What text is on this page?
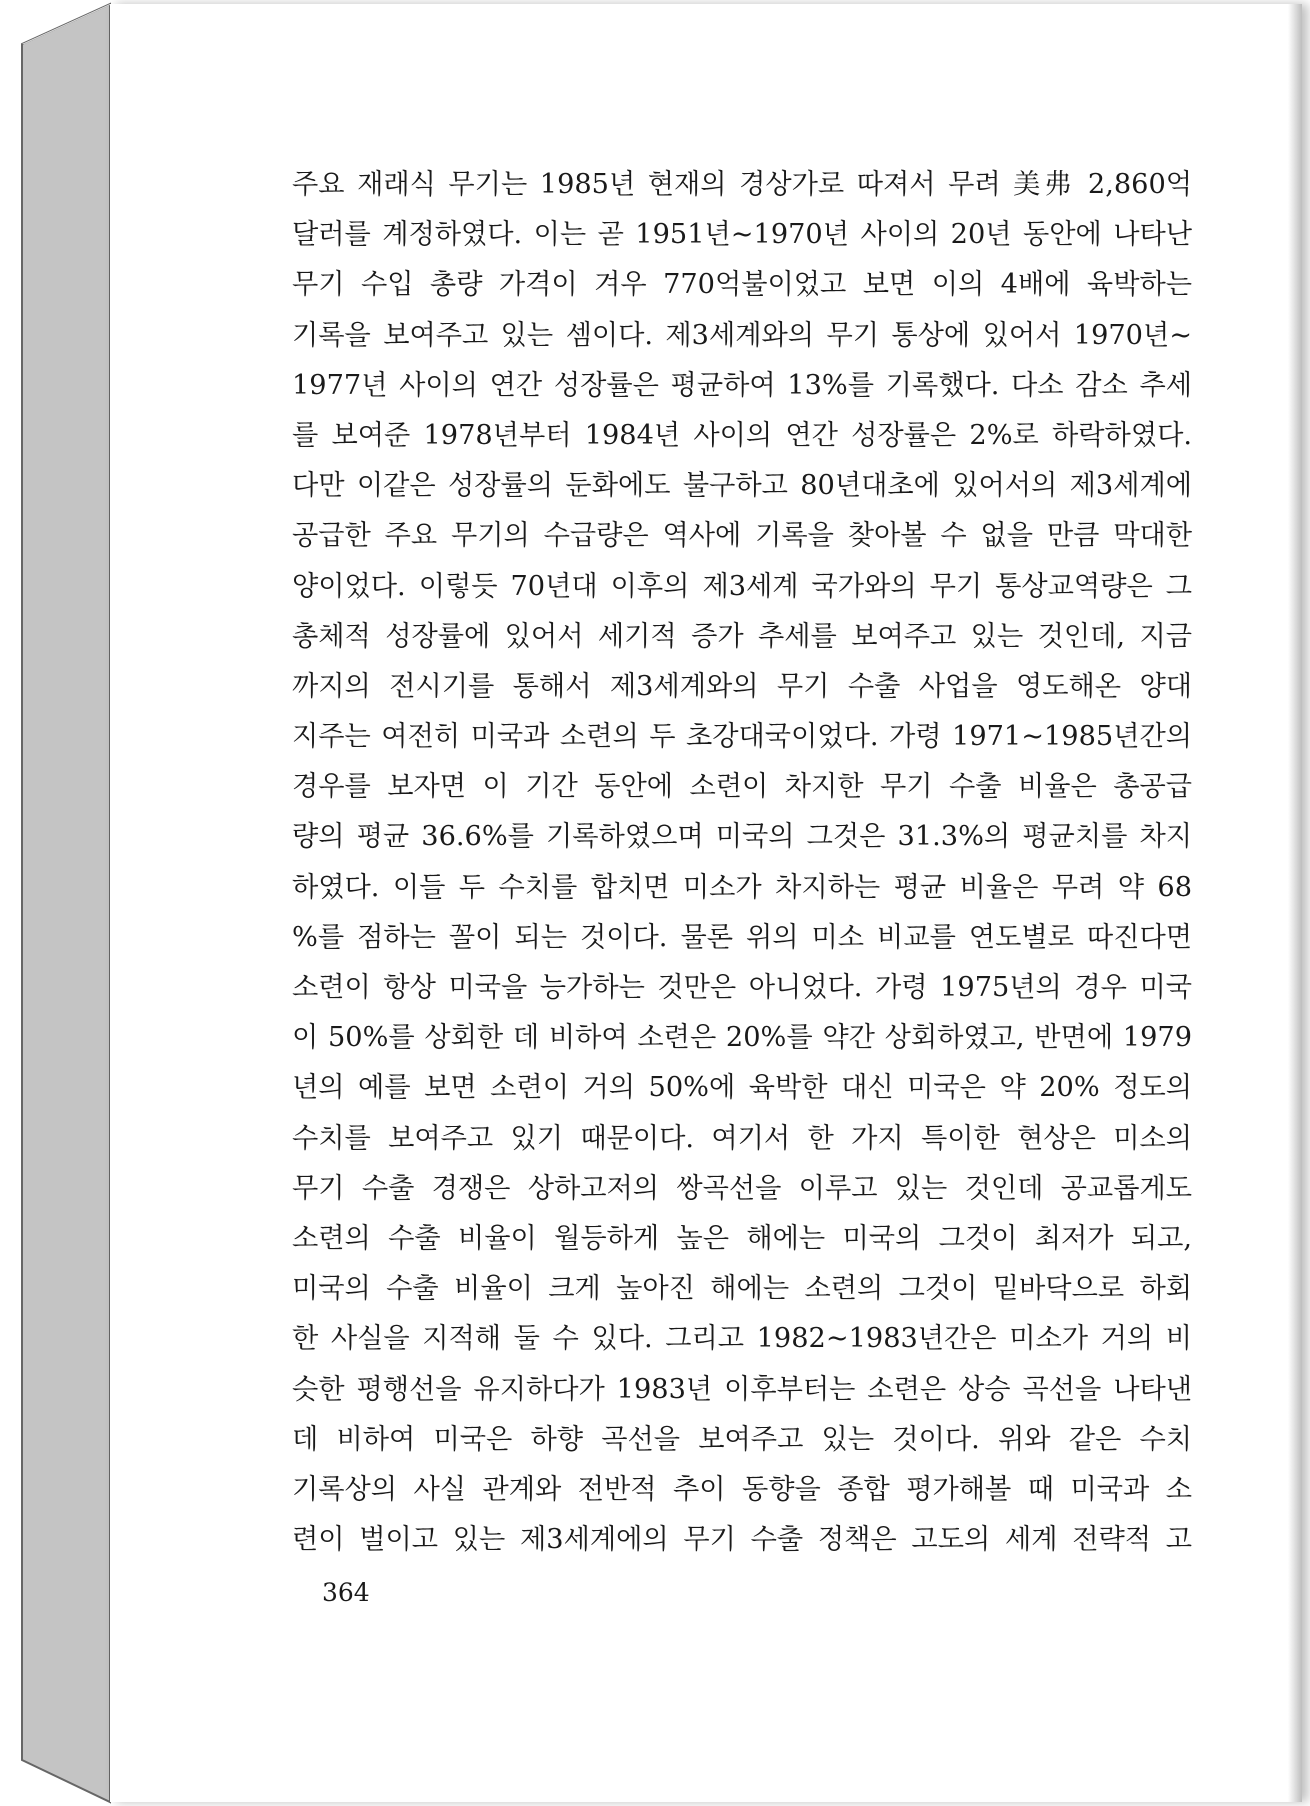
주요 재래식 무기는 1985년 현재의 경상가로 따져서 무려 美弗 2,860억
달러를 계정하였다. 이는 곧 1951년∼1970년 사이의 20년 동안에 나타난
무기 수입 총량 가격이 겨우 770억불이었고 보면 이의 4배에 육박하는
기록을 보여주고 있는 셈이다. 제3세계와의 무기 통상에 있어서 1970년∼
1977년 사이의 연간 성장률은 평균하여 13%를 기록했다. 다소 감소 추세
를 보여준 1978년부터 1984년 사이의 연간 성장률은 2%로 하락하였다.
다만 이같은 성장률의 둔화에도 불구하고 80년대초에 있어서의 제3세계에
공급한 주요 무기의 수급량은 역사에 기록을 찾아볼 수 없을 만큼 막대한
양이었다. 이렇듯 70년대 이후의 제3세계 국가와의 무기 통상교역량은 그
총체적 성장률에 있어서 세기적 증가 추세를 보여주고 있는 것인데, 지금
까지의 전시기를 통해서 제3세계와의 무기 수출 사업을 영도해온 양대
지주는 여전히 미국과 소련의 두 초강대국이었다. 가령 1971∼1985년간의
경우를 보자면 이 기간 동안에 소련이 차지한 무기 수출 비율은 총공급
량의 평균 36.6%를 기록하였으며 미국의 그것은 31.3%의 평균치를 차지
하였다. 이들 두 수치를 합치면 미소가 차지하는 평균 비율은 무려 약 68
%를 점하는 꼴이 되는 것이다. 물론 위의 미소 비교를 연도별로 따진다면
소련이 항상 미국을 능가하는 것만은 아니었다. 가령 1975년의 경우 미국
이 50%를 상회한 데 비하여 소련은 20%를 약간 상회하였고, 반면에 1979
년의 예를 보면 소련이 거의 50%에 육박한 대신 미국은 약 20% 정도의
수치를 보여주고 있기 때문이다. 여기서 한 가지 특이한 현상은 미소의
무기 수출 경쟁은 상하고저의 쌍곡선을 이루고 있는 것인데 공교롭게도
소련의 수출 비율이 월등하게 높은 해에는 미국의 그것이 최저가 되고,
미국의 수출 비율이 크게 높아진 해에는 소련의 그것이 밑바닥으로 하회
한 사실을 지적해 둘 수 있다. 그리고 1982∼1983년간은 미소가 거의 비
슷한 평행선을 유지하다가 1983년 이후부터는 소련은 상승 곡선을 나타낸
데 비하여 미국은 하향 곡선을 보여주고 있는 것이다. 위와 같은 수치
기록상의 사실 관계와 전반적 추이 동향을 종합 평가해볼 때 미국과 소
련이 벌이고 있는 제3세계에의 무기 수출 정책은 고도의 세계 전략적 고
364
